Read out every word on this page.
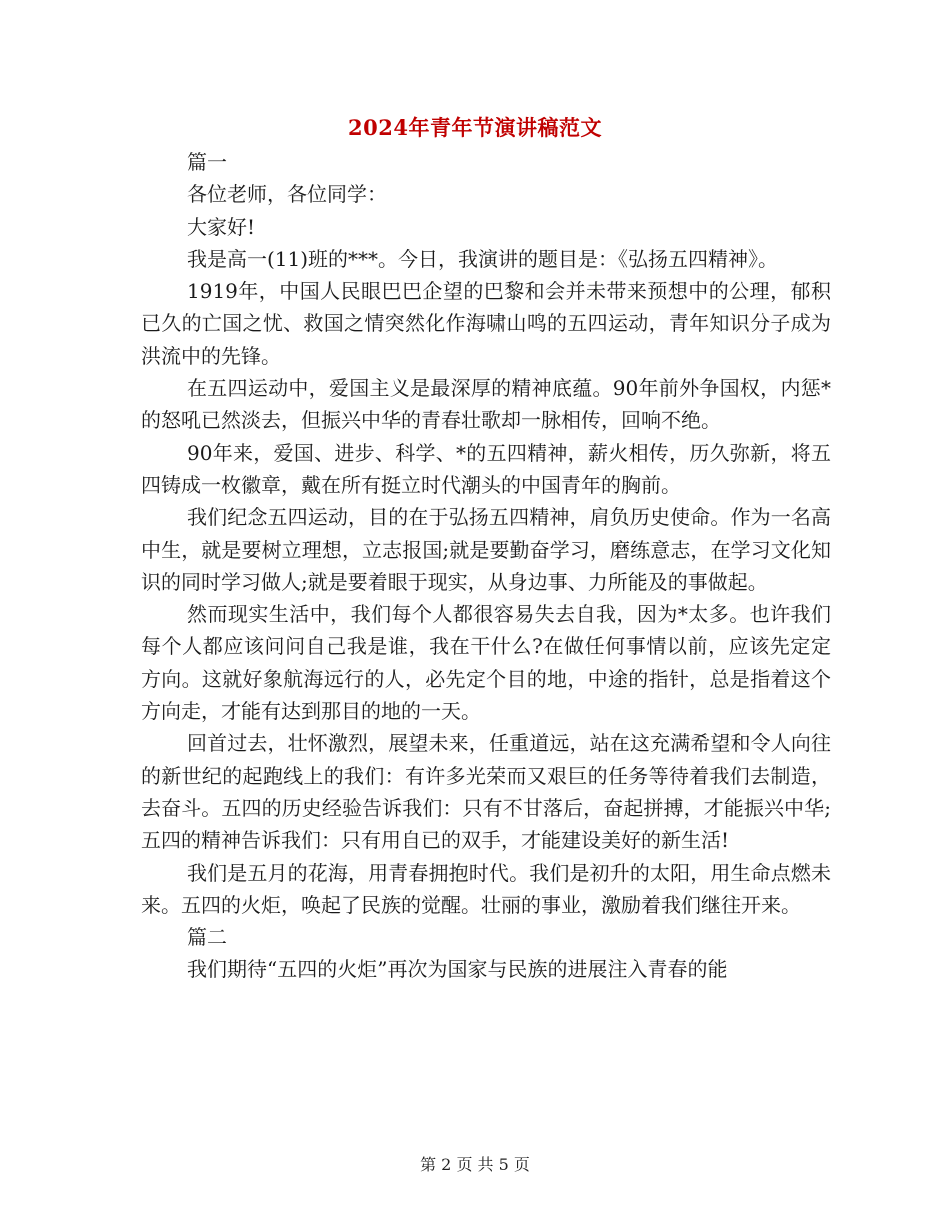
2024年青年节演讲稿范文

篇一

各位老师，各位同学：

大家好!

我是高一(11)班的***。今日，我演讲的题目是：《弘扬五四精神》。

1919年，中国人民眼巴巴企望的巴黎和会并未带来预想中的公理，郁积已久的亡国之忧、救国之情突然化作海啸山鸣的五四运动，青年知识分子成为洪流中的先锋。

在五四运动中，爱国主义是最深厚的精神底蕴。90年前外争国权，内惩*的怒吼已然淡去，但振兴中华的青春壮歌却一脉相传，回响不绝。

90年来，爱国、进步、科学、*的五四精神，薪火相传，历久弥新，将五四铸成一枚徽章，戴在所有挺立时代潮头的中国青年的胸前。

我们纪念五四运动，目的在于弘扬五四精神，肩负历史使命。作为一名高中生，就是要树立理想，立志报国;就是要勤奋学习，磨练意志，在学习文化知识的同时学习做人;就是要着眼于现实，从身边事、力所能及的事做起。

然而现实生活中，我们每个人都很容易失去自我，因为*太多。也许我们每个人都应该问问自己我是谁，我在干什么?在做任何事情以前，应该先定定方向。这就好象航海远行的人，必先定个目的地，中途的指针，总是指着这个方向走，才能有达到那目的地的一天。

回首过去，壮怀激烈，展望未来，任重道远，站在这充满希望和令人向往的新世纪的起跑线上的我们：有许多光荣而又艰巨的任务等待着我们去制造，去奋斗。五四的历史经验告诉我们：只有不甘落后，奋起拼搏，才能振兴中华;五四的精神告诉我们：只有用自已的双手，才能建设美好的新生活!

我们是五月的花海，用青春拥抱时代。我们是初升的太阳，用生命点燃未来。五四的火炬，唤起了民族的觉醒。壮丽的事业，激励着我们继往开来。

篇二

我们期待“五四的火炬”再次为国家与民族的进展注入青春的能

第 2 页 共 5 页
